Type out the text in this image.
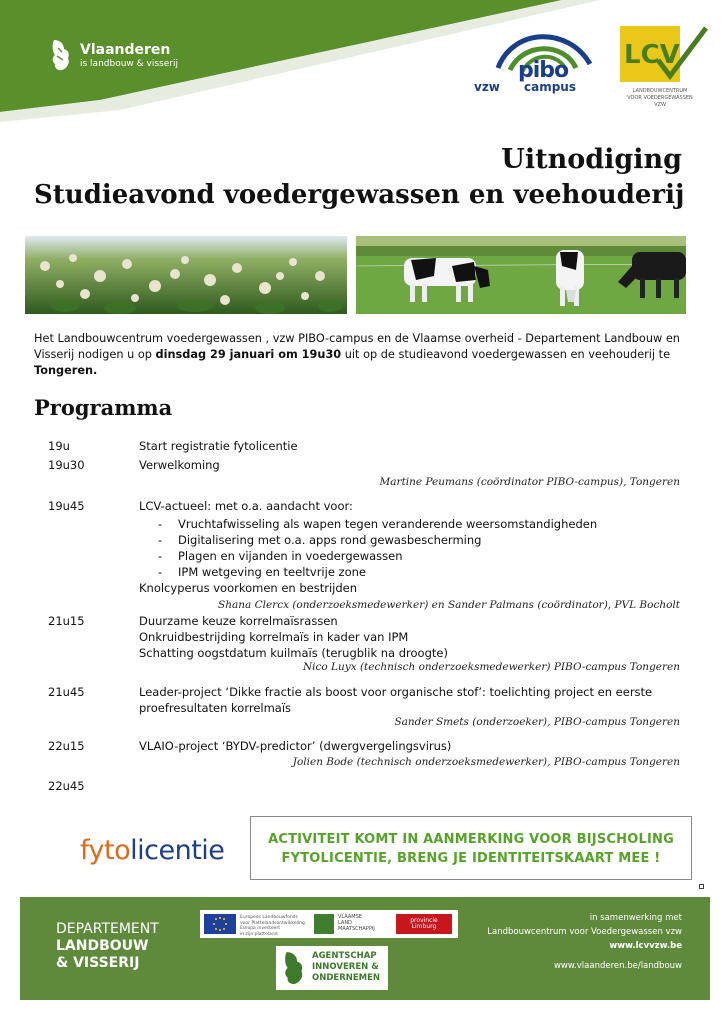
Vlaanderen
is landbouw & visserij
vzw
pibo
campus
LCV
LANDBOUWCENTRUM
VOOR VOEDERGEWASSEN
VZW
Uitnodiging
Studieavond voedergewassen en veehouderij

Het Landbouwcentrum voedergewassen , vzw PIBO-campus en de Vlaamse overheid - Departement Landbouw en Visserij nodigen u op dinsdag 29 januari om 19u30 uit op de studieavond voedergewassen en veehouderij te Tongeren.

Programma
19u	Start registratie fytolicentie
19u30	Verwelkoming
Martine Peumans (coördinator PIBO-campus), Tongeren
19u45	LCV-actueel: met o.a. aandacht voor:
- Vruchtafwisseling als wapen tegen veranderende weersomstandigheden
- Digitalisering met o.a. apps rond gewasbescherming
- Plagen en vijanden in voedergewassen
- IPM wetgeving en teeltvrije zone
Knolcyperus voorkomen en bestrijden
Shana Clercx (onderzoeksmedewerker) en Sander Palmans (coördinator), PVL Bocholt
21u15	Duurzame keuze korrelmaïsrassen
Onkruidbestrijding korrelmaïs in kader van IPM
Schatting oogstdatum kuilmaïs (terugblik na droogte)
Nico Luyx (technisch onderzoeksmedewerker) PIBO-campus Tongeren
21u45	Leader-project ‘Dikke fractie als boost voor organische stof’: toelichting project en eerste
proefresultaten korrelmaïs
Sander Smets (onderzoeker), PIBO-campus Tongeren
22u15	VLAIO-project ‘BYDV-predictor’ (dwergvergelingsvirus)
Jolien Bode (technisch onderzoeksmedewerker), PIBO-campus Tongeren
22u45
fytolicentie	ACTIVITEIT KOMT IN AANMERKING VOOR BIJSCHOLING
FYTOLICENTIE, BRENG JE IDENTITEITSKAART MEE !
DEPARTEMENT
LANDBOUW
& VISSERIJ
Europees Landbouwfonds
voor Plattelandsontwikkeling
Europa investeert
in zijn platteland
VLAAMSE
LAND
MAATSCHAPPIJ
provincie
Limburg
AGENTSCHAP
INNOVEREN &
ONDERNEMEN
in samenwerking met
Landbouwcentrum voor Voedergewassen vzw
www.lcvvzw.be
www.vlaanderen.be/landbouw
